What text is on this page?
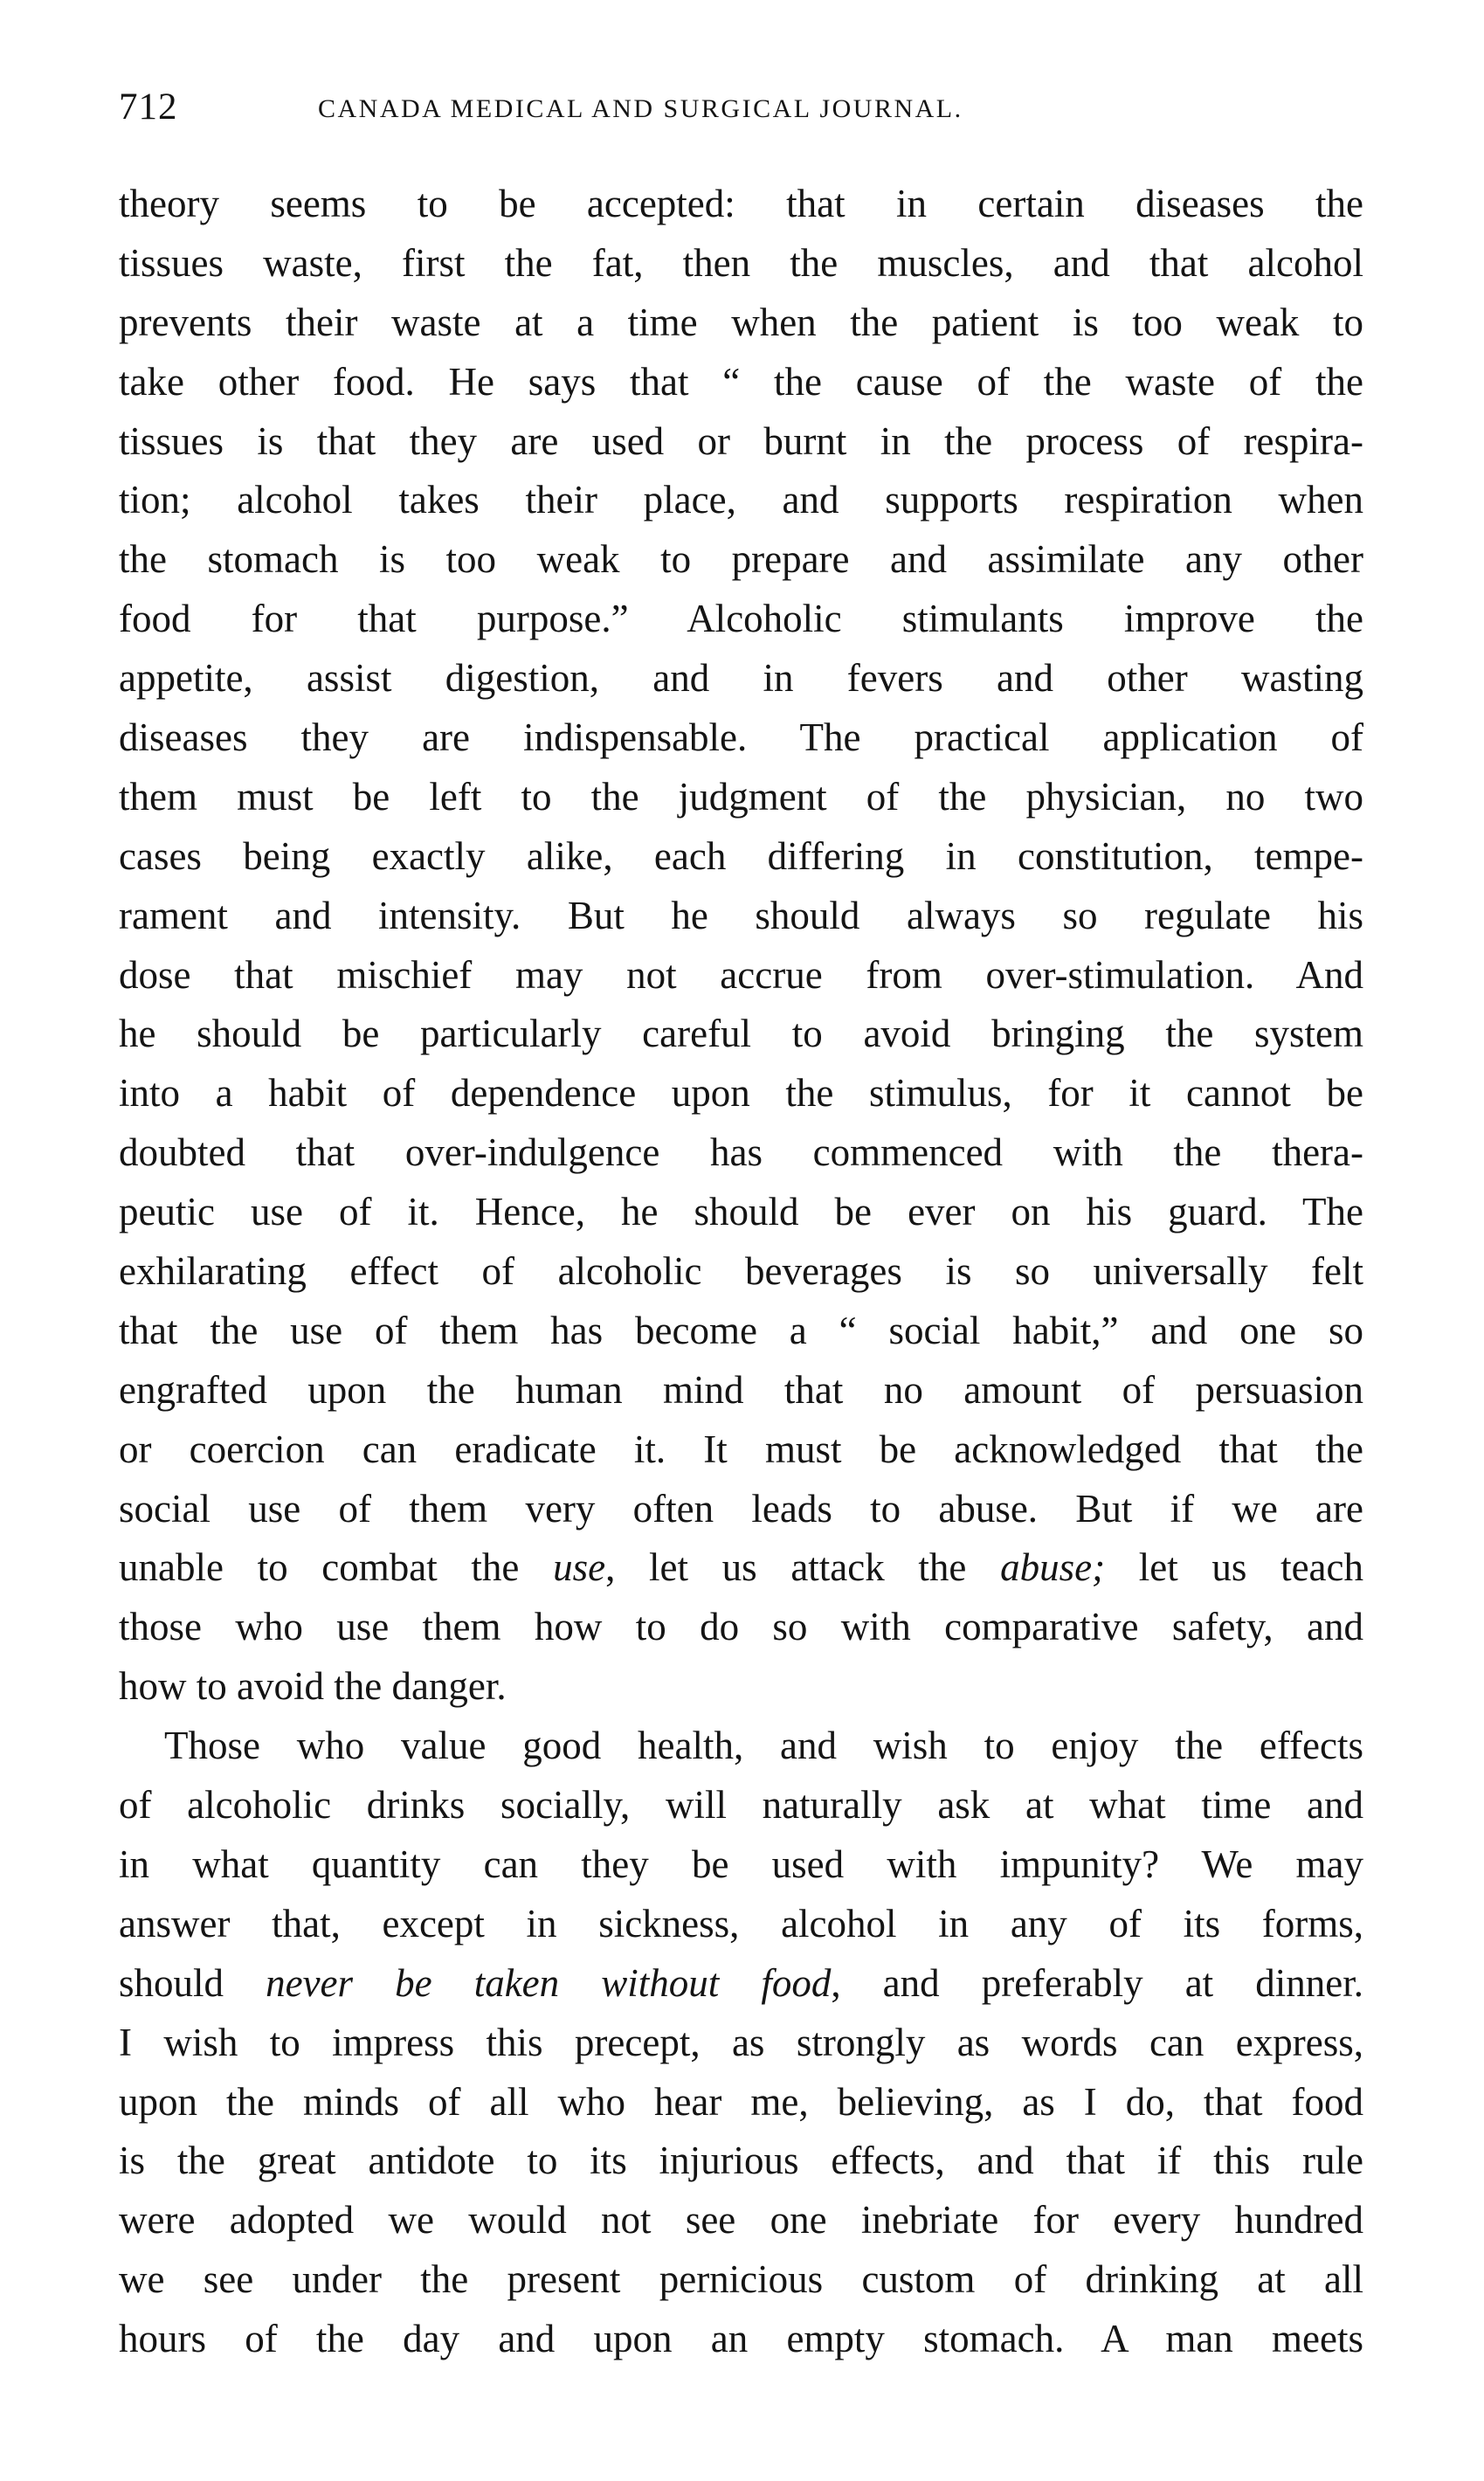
712	CANADA MEDICAL AND SURGICAL JOURNAL.
theory seems to be accepted: that in certain diseases the
tissues waste, first the fat, then the muscles, and that alcohol
prevents their waste at a time when the patient is too weak to
take other food. He says that “ the cause of the waste of the
tissues is that they are used or burnt in the process of respira-
tion; alcohol takes their place, and supports respiration when
the stomach is too weak to prepare and assimilate any other
food for that purpose.” Alcoholic stimulants improve the
appetite, assist digestion, and in fevers and other wasting
diseases they are indispensable. The practical application of
them must be left to the judgment of the physician, no two
cases being exactly alike, each differing in constitution, tempe-
rament and intensity. But he should always so regulate his
dose that mischief may not accrue from over-stimulation. And
he should be particularly careful to avoid bringing the system
into a habit of dependence upon the stimulus, for it cannot be
doubted that over-indulgence has commenced with the thera-
peutic use of it. Hence, he should be ever on his guard. The
exhilarating effect of alcoholic beverages is so universally felt
that the use of them has become a “ social habit,” and one so
engrafted upon the human mind that no amount of persuasion
or coercion can eradicate it. It must be acknowledged that the
social use of them very often leads to abuse. But if we are
unable to combat the use, let us attack the abuse; let us teach
those who use them how to do so with comparative safety, and
how to avoid the danger.
Those who value good health, and wish to enjoy the effects
of alcoholic drinks socially, will naturally ask at what time and
in what quantity can they be used with impunity? We may
answer that, except in sickness, alcohol in any of its forms,
should never be taken without food, and preferably at dinner.
I wish to impress this precept, as strongly as words can express,
upon the minds of all who hear me, believing, as I do, that food
is the great antidote to its injurious effects, and that if this rule
were adopted we would not see one inebriate for every hundred
we see under the present pernicious custom of drinking at all
hours of the day and upon an empty stomach. A man meets
